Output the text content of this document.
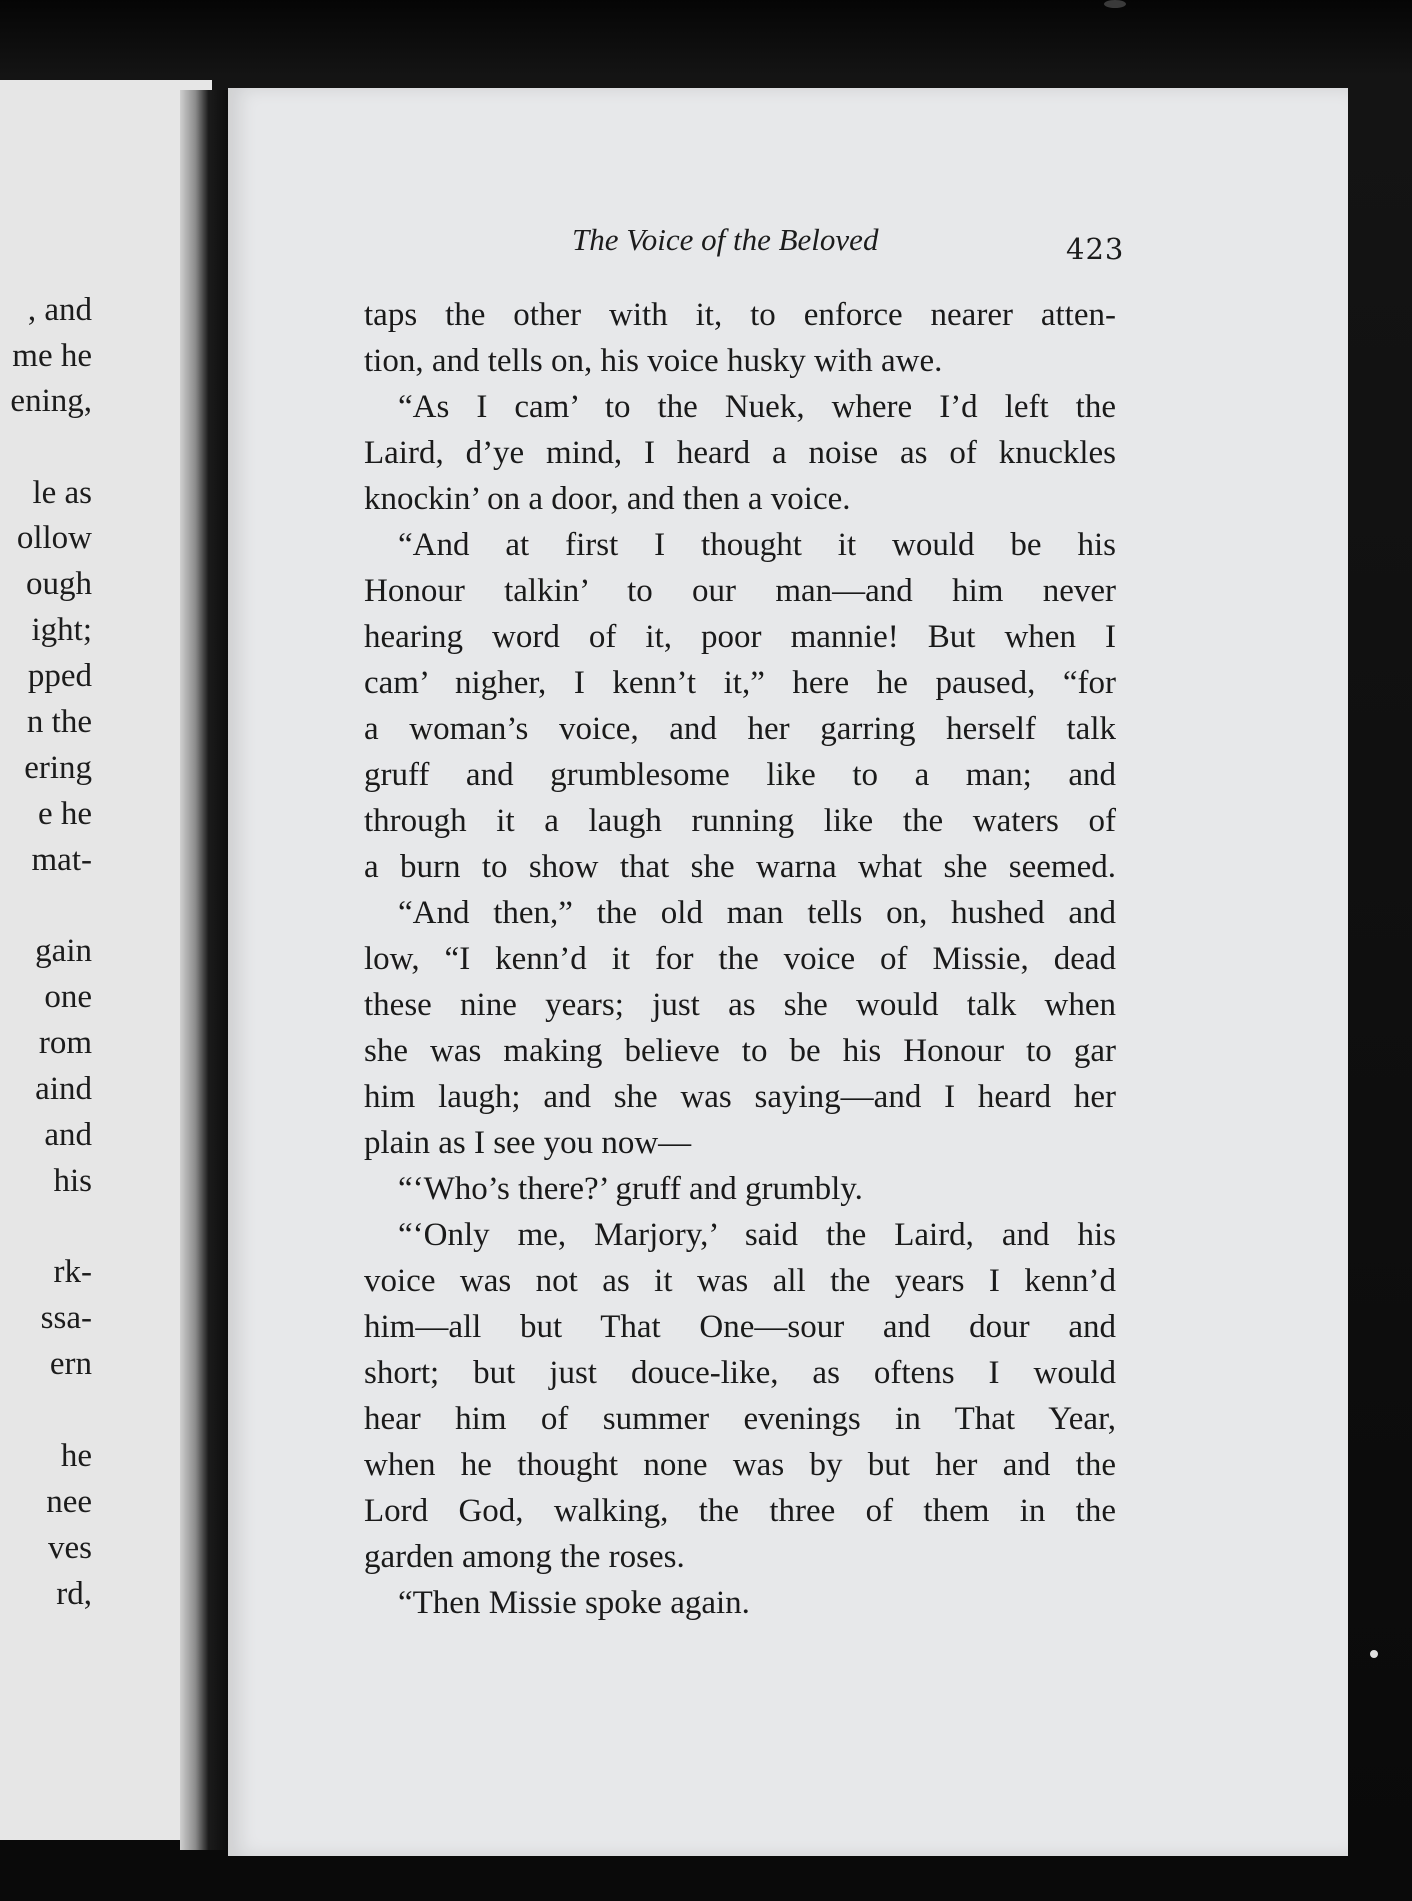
, and
me he
ening,
le as
ollow
ough
ight;
pped
n the
ering
e he
mat-
gain
one
rom
aind
and
his
rk-
ssa-
ern
he
nee
ves
rd,
The Voice of the Beloved	423
taps the other with it, to enforce nearer atten-
tion, and tells on, his voice husky with awe.
“As I cam’ to the Nuek, where I’d left the
Laird, d’ye mind, I heard a noise as of knuckles
knockin’ on a door, and then a voice.
“And at first I thought it would be his
Honour talkin’ to our man—and him never
hearing word of it, poor mannie! But when I
cam’ nigher, I kenn’t it,” here he paused, “for
a woman’s voice, and her garring herself talk
gruff and grumblesome like to a man; and
through it a laugh running like the waters of
a burn to show that she warna what she seemed.
“And then,” the old man tells on, hushed and
low, “I kenn’d it for the voice of Missie, dead
these nine years; just as she would talk when
she was making believe to be his Honour to gar
him laugh; and she was saying—and I heard her
plain as I see you now—
“‘Who’s there?’ gruff and grumbly.
“‘Only me, Marjory,’ said the Laird, and his
voice was not as it was all the years I kenn’d
him—all but That One—sour and dour and
short; but just douce-like, as oftens I would
hear him of summer evenings in That Year,
when he thought none was by but her and the
Lord God, walking, the three of them in the
garden among the roses.
“Then Missie spoke again.
